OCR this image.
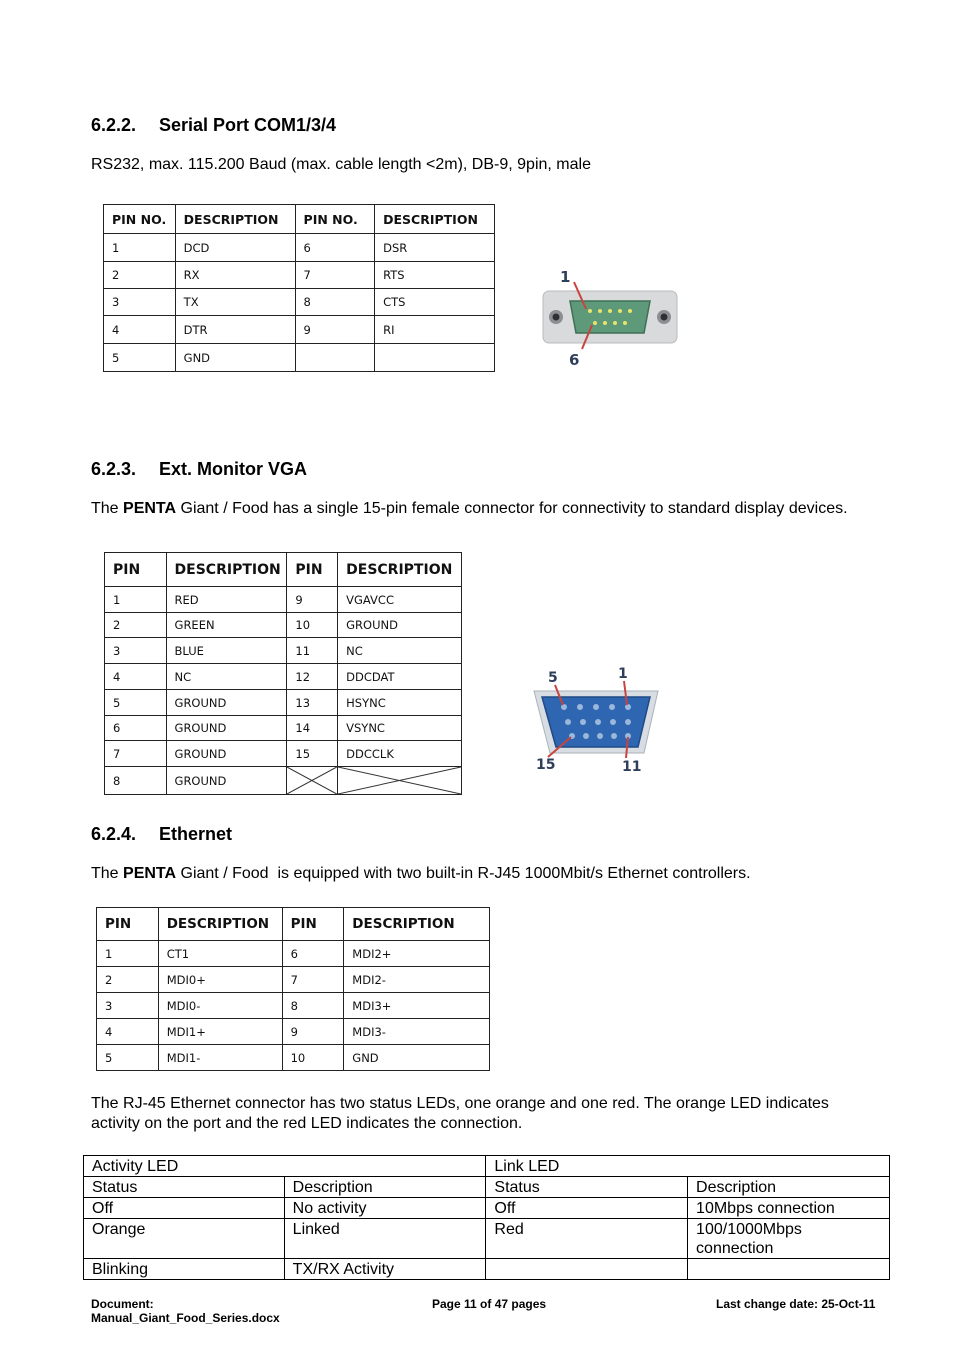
6.2.2. Serial Port COM1/3/4

RS232, max. 115.200 Baud (max. cable length <2m), DB-9, 9pin, male

PIN NO.	DESCRIPTION	PIN NO.	DESCRIPTION
1	DCD	6	DSR
2	RX	7	RTS
3	TX	8	CTS
4	DTR	9	RI
5	GND		
1
6
6.2.3. Ext. Monitor VGA

The PENTA Giant / Food has a single 15-pin female connector for connectivity to standard display devices.

PIN	DESCRIPTION	PIN	DESCRIPTION
1	RED	9	VGAVCC
2	GREEN	10	GROUND
3	BLUE	11	NC
4	NC	12	DDCDAT
5	GROUND	13	HSYNC
6	GROUND	14	VSYNC
7	GROUND	15	DDCCLK
8	GROUND	

5	1
15	11
6.2.4. Ethernet

The PENTA Giant / Food  is equipped with two built-in R-J45 1000Mbit/s Ethernet controllers.

PIN	DESCRIPTION	PIN	DESCRIPTION
1	CT1	6	MDI2+
2	MDI0+	7	MDI2-
3	MDI0-	8	MDI3+
4	MDI1+	9	MDI3-
5	MDI1-	10	GND

The RJ-45 Ethernet connector has two status LEDs, one orange and one red. The orange LED indicates activity on the port and the red LED indicates the connection.

Activity LED		Link LED	
Status	Description	Status	Description
Off	No activity	Off	10Mbps connection
Orange	Linked	Red	100/1000Mbps connection
Blinking	TX/RX Activity		
Document:
Manual_Giant_Food_Series.docx
Page 11 of 47 pages	Last change date: 25-Oct-11
